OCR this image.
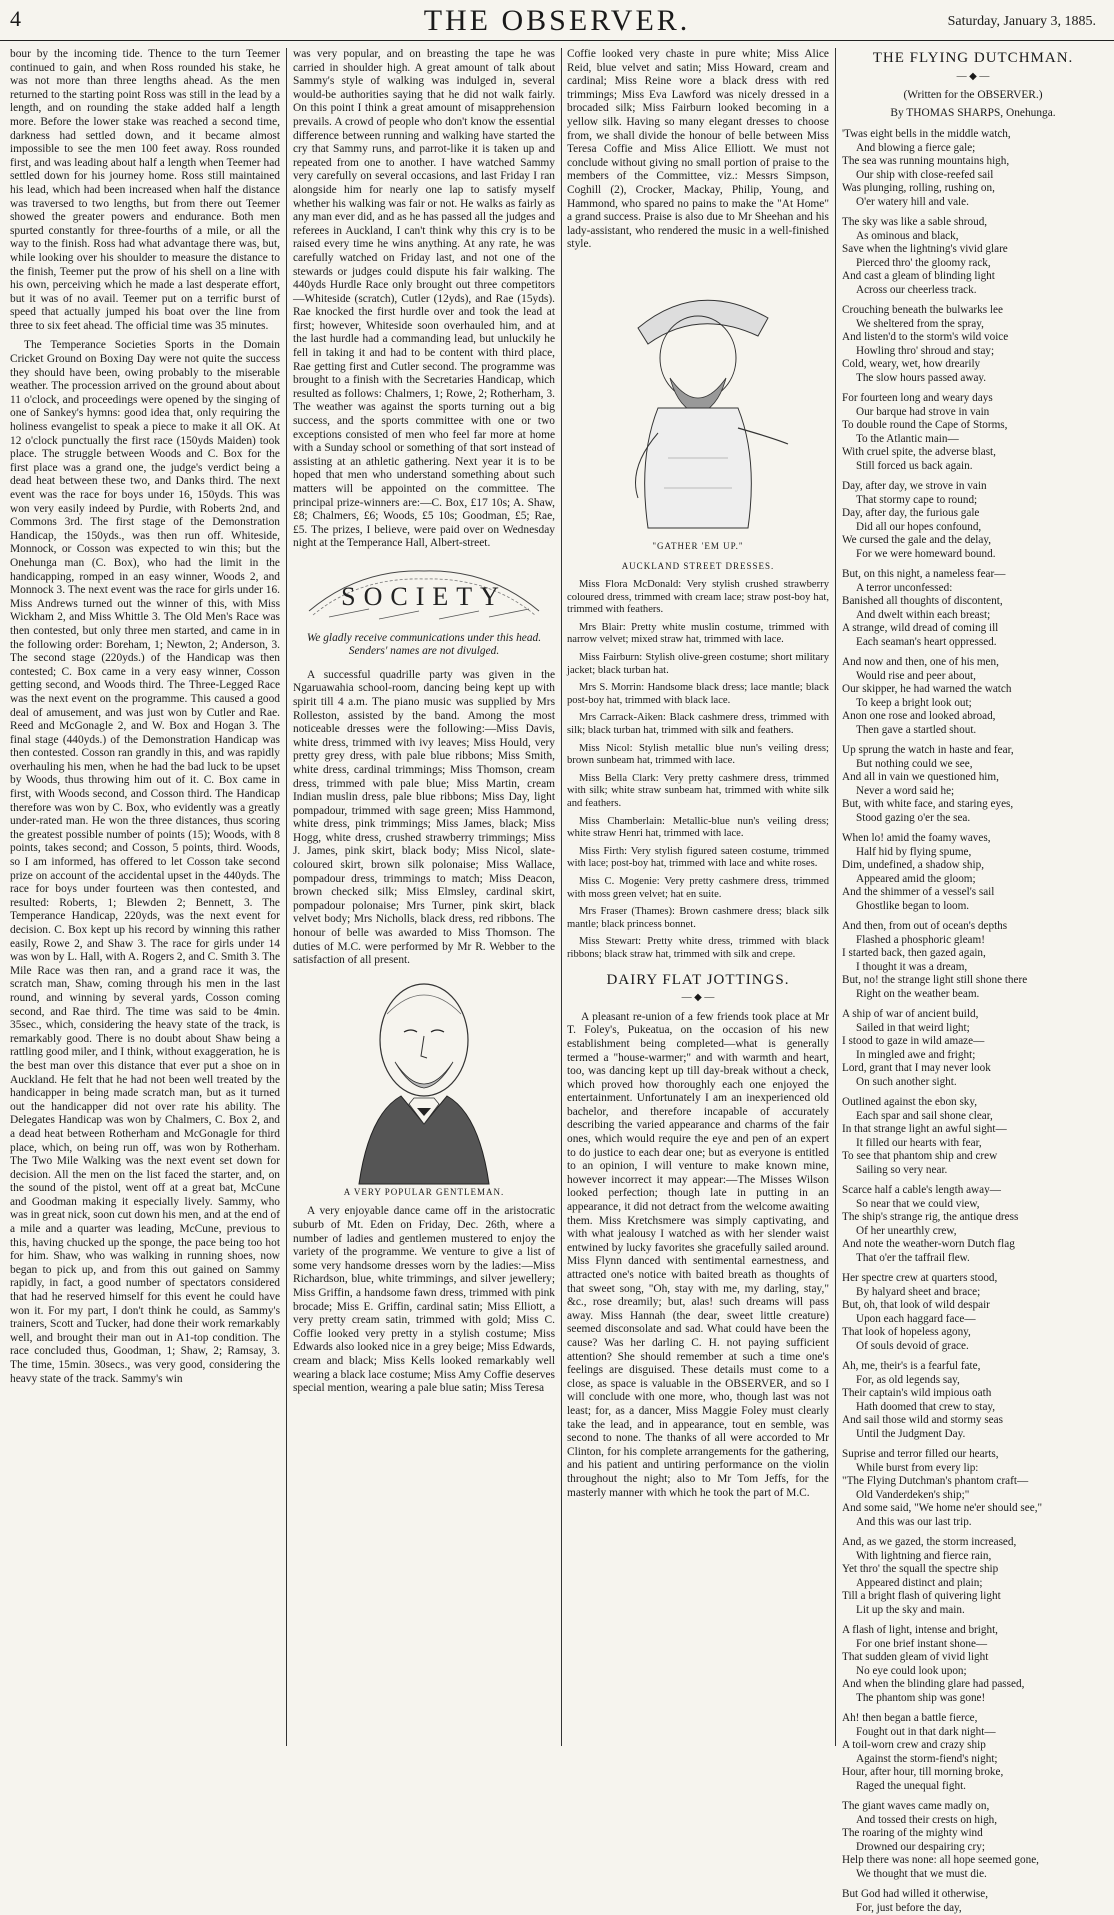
4	THE OBSERVER.	Saturday, January 3, 1885.

bour by the incoming tide. Thence to the turn Teemer continued to gain, and when Ross rounded his stake, he was not more than three lengths ahead. As the men returned to the starting point Ross was still in the lead by a length, and on rounding the stake added half a length more. Before the lower stake was reached a second time, darkness had settled down, and it became almost impossible to see the men 100 feet away. Ross rounded first, and was leading about half a length when Teemer had settled down for his journey home. Ross still maintained his lead, which had been increased when half the distance was traversed to two lengths, but from there out Teemer showed the greater powers and endurance. Both men spurted constantly for three-fourths of a mile, or all the way to the finish. Ross had what advantage there was, but, while looking over his shoulder to measure the distance to the finish, Teemer put the prow of his shell on a line with his own, perceiving which he made a last desperate effort, but it was of no avail. Teemer put on a terrific burst of speed that actually jumped his boat over the line from three to six feet ahead. The official time was 35 minutes.

The Temperance Societies Sports in the Domain Cricket Ground on Boxing Day were not quite the success they should have been, owing probably to the miserable weather. The procession arrived on the ground about about 11 o'clock, and proceedings were opened by the singing of one of Sankey's hymns: good idea that, only requiring the holiness evangelist to speak a piece to make it all OK. At 12 o'clock punctually the first race (150yds Maiden) took place. The struggle between Woods and C. Box for the first place was a grand one, the judge's verdict being a dead heat between these two, and Danks third. The next event was the race for boys under 16, 150yds. This was won very easily indeed by Purdie, with Roberts 2nd, and Commons 3rd. The first stage of the Demonstration Handicap, the 150yds., was then run off. Whiteside, Monnock, or Cosson was expected to win this; but the Onehunga man (C. Box), who had the limit in the handicapping, romped in an easy winner, Woods 2, and Monnock 3. The next event was the race for girls under 16. Miss Andrews turned out the winner of this, with Miss Wickham 2, and Miss Whittle 3. The Old Men's Race was then contested, but only three men started, and came in in the following order: Boreham, 1; Newton, 2; Anderson, 3. The second stage (220yds.) of the Handicap was then contested; C. Box came in a very easy winner, Cosson getting second, and Woods third. The Three-Legged Race was the next event on the programme. This caused a good deal of amusement, and was just won by Cutler and Rae. Reed and McGonagle 2, and W. Box and Hogan 3. The final stage (440yds.) of the Demonstration Handicap was then contested. Cosson ran grandly in this, and was rapidly overhauling his men, when he had the bad luck to be upset by Woods, thus throwing him out of it. C. Box came in first, with Woods second, and Cosson third. The Handicap therefore was won by C. Box, who evidently was a greatly under-rated man. He won the three distances, thus scoring the greatest possible number of points (15); Woods, with 8 points, takes second; and Cosson, 5 points, third. Woods, so I am informed, has offered to let Cosson take second prize on account of the accidental upset in the 440yds. The race for boys under fourteen was then contested, and resulted: Roberts, 1; Blewden 2; Bennett, 3. The Temperance Handicap, 220yds, was the next event for decision. C. Box kept up his record by winning this rather easily, Rowe 2, and Shaw 3. The race for girls under 14 was won by L. Hall, with A. Rogers 2, and C. Smith 3. The Mile Race was then ran, and a grand race it was, the scratch man, Shaw, coming through his men in the last round, and winning by several yards, Cosson coming second, and Rae third. The time was said to be 4min. 35sec., which, considering the heavy state of the track, is remarkably good. There is no doubt about Shaw being a rattling good miler, and I think, without exaggeration, he is the best man over this distance that ever put a shoe on in Auckland. He felt that he had not been well treated by the handicapper in being made scratch man, but as it turned out the handicapper did not over rate his ability. The Delegates Handicap was won by Chalmers, C. Box 2, and a dead heat between Rotherham and McGonagle for third place, which, on being run off, was won by Rotherham. The Two Mile Walking was the next event set down for decision. All the men on the list faced the starter, and, on the sound of the pistol, went off at a great bat, McCune and Goodman making it especially lively. Sammy, who was in great nick, soon cut down his men, and at the end of a mile and a quarter was leading, McCune, previous to this, having chucked up the sponge, the pace being too hot for him. Shaw, who was walking in running shoes, now began to pick up, and from this out gained on Sammy rapidly, in fact, a good number of spectators considered that had he reserved himself for this event he could have won it. For my part, I don't think he could, as Sammy's trainers, Scott and Tucker, had done their work remarkably well, and brought their man out in A1-top condition. The race concluded thus, Goodman, 1; Shaw, 2; Ramsay, 3. The time, 15min. 30secs., was very good, considering the heavy state of the track. Sammy's win

was very popular, and on breasting the tape he was carried in shoulder high. A great amount of talk about Sammy's style of walking was indulged in, several would-be authorities saying that he did not walk fairly. On this point I think a great amount of misapprehension prevails. A crowd of people who don't know the essential difference between running and walking have started the cry that Sammy runs, and parrot-like it is taken up and repeated from one to another. I have watched Sammy very carefully on several occasions, and last Friday I ran alongside him for nearly one lap to satisfy myself whether his walking was fair or not. He walks as fairly as any man ever did, and as he has passed all the judges and referees in Auckland, I can't think why this cry is to be raised every time he wins anything. At any rate, he was carefully watched on Friday last, and not one of the stewards or judges could dispute his fair walking. The 440yds Hurdle Race only brought out three competitors—Whiteside (scratch), Cutler (12yds), and Rae (15yds). Rae knocked the first hurdle over and took the lead at first; however, Whiteside soon overhauled him, and at the last hurdle had a commanding lead, but unluckily he fell in taking it and had to be content with third place, Rae getting first and Cutler second. The programme was brought to a finish with the Secretaries Handicap, which resulted as follows: Chalmers, 1; Rowe, 2; Rotherham, 3. The weather was against the sports turning out a big success, and the sports committee with one or two exceptions consisted of men who feel far more at home with a Sunday school or something of that sort instead of assisting at an athletic gathering. Next year it is to be hoped that men who understand something about such matters will be appointed on the committee. The principal prize-winners are:—C. Box, £17 10s; A. Shaw, £8; Chalmers, £6; Woods, £5 10s; Goodman, £5; Rae, £5. The prizes, I believe, were paid over on Wednesday night at the Temperance Hall, Albert-street.

SOCIETY
We gladly receive communications under this head. Senders' names are not divulged.

A successful quadrille party was given in the Ngaruawahia school-room, dancing being kept up with spirit till 4 a.m. The piano music was supplied by Mrs Rolleston, assisted by the band. Among the most noticeable dresses were the following:—Miss Davis, white dress, trimmed with ivy leaves; Miss Hould, very pretty grey dress, with pale blue ribbons; Miss Smith, white dress, cardinal trimmings; Miss Thomson, cream dress, trimmed with pale blue; Miss Martin, cream Indian muslin dress, pale blue ribbons; Miss Day, light pompadour, trimmed with sage green; Miss Hammond, white dress, pink trimmings; Miss James, black; Miss Hogg, white dress, crushed strawberry trimmings; Miss J. James, pink skirt, black body; Miss Nicol, slate-coloured skirt, brown silk polonaise; Miss Wallace, pompadour dress, trimmings to match; Miss Deacon, brown checked silk; Miss Elmsley, cardinal skirt, pompadour polonaise; Mrs Turner, pink skirt, black velvet body; Mrs Nicholls, black dress, red ribbons. The honour of belle was awarded to Miss Thomson. The duties of M.C. were performed by Mr R. Webber to the satisfaction of all present.

A VERY POPULAR GENTLEMAN.

A very enjoyable dance came off in the aristocratic suburb of Mt. Eden on Friday, Dec. 26th, where a number of ladies and gentlemen mustered to enjoy the variety of the programme. We venture to give a list of some very handsome dresses worn by the ladies:—Miss Richardson, blue, white trimmings, and silver jewellery; Miss Griffin, a handsome fawn dress, trimmed with pink brocade; Miss E. Griffin, cardinal satin; Miss Elliott, a very pretty cream satin, trimmed with gold; Miss C. Coffie looked very pretty in a stylish costume; Miss Edwards also looked nice in a grey beige; Miss Edwards, cream and black; Miss Kells looked remarkably well wearing a black lace costume; Miss Amy Coffie deserves special mention, wearing a pale blue satin; Miss Teresa

Coffie looked very chaste in pure white; Miss Alice Reid, blue velvet and satin; Miss Howard, cream and cardinal; Miss Reine wore a black dress with red trimmings; Miss Eva Lawford was nicely dressed in a brocaded silk; Miss Fairburn looked becoming in a yellow silk. Having so many elegant dresses to choose from, we shall divide the honour of belle between Miss Teresa Coffie and Miss Alice Elliott. We must not conclude without giving no small portion of praise to the members of the Committee, viz.: Messrs Simpson, Coghill (2), Crocker, Mackay, Philip, Young, and Hammond, who spared no pains to make the "At Home" a grand success. Praise is also due to Mr Sheehan and his lady-assistant, who rendered the music in a well-finished style.

"GATHER 'EM UP."
AUCKLAND STREET DRESSES.
Miss Flora McDonald: Very stylish crushed strawberry coloured dress, trimmed with cream lace; straw post-boy hat, trimmed with feathers.
Mrs Blair: Pretty white muslin costume, trimmed with narrow velvet; mixed straw hat, trimmed with lace.
Miss Fairburn: Stylish olive-green costume; short military jacket; black turban hat.
Mrs S. Morrin: Handsome black dress; lace mantle; black post-boy hat, trimmed with black lace.
Mrs Carrack-Aiken: Black cashmere dress, trimmed with silk; black turban hat, trimmed with silk and feathers.
Miss Nicol: Stylish metallic blue nun's veiling dress; brown sunbeam hat, trimmed with lace.
Miss Bella Clark: Very pretty cashmere dress, trimmed with silk; white straw sunbeam hat, trimmed with white silk and feathers.
Miss Chamberlain: Metallic-blue nun's veiling dress; white straw Henri hat, trimmed with lace.
Miss Firth: Very stylish figured sateen costume, trimmed with lace; post-boy hat, trimmed with lace and white roses.
Miss C. Mogenie: Very pretty cashmere dress, trimmed with moss green velvet; hat en suite.
Mrs Fraser (Thames): Brown cashmere dress; black silk mantle; black princess bonnet.
Miss Stewart: Pretty white dress, trimmed with black ribbons; black straw hat, trimmed with silk and crepe.
DAIRY FLAT JOTTINGS.
— ◆ —

A pleasant re-union of a few friends took place at Mr T. Foley's, Pukeatua, on the occasion of his new establishment being completed—what is generally termed a "house-warmer;" and with warmth and heart, too, was dancing kept up till day-break without a check, which proved how thoroughly each one enjoyed the entertainment. Unfortunately I am an inexperienced old bachelor, and therefore incapable of accurately describing the varied appearance and charms of the fair ones, which would require the eye and pen of an expert to do justice to each dear one; but as everyone is entitled to an opinion, I will venture to make known mine, however incorrect it may appear:—The Misses Wilson looked perfection; though late in putting in an appearance, it did not detract from the welcome awaiting them. Miss Kretchsmere was simply captivating, and with what jealousy I watched as with her slender waist entwined by lucky favorites she gracefully sailed around. Miss Flynn danced with sentimental earnestness, and attracted one's notice with baited breath as thoughts of that sweet song, "Oh, stay with me, my darling, stay," &c., rose dreamily; but, alas! such dreams will pass away. Miss Hannah (the dear, sweet little creature) seemed disconsolate and sad. What could have been the cause? Was her darling C. H. not paying sufficient attention? She should remember at such a time one's feelings are disguised. These details must come to a close, as space is valuable in the OBSERVER, and so I will conclude with one more, who, though last was not least; for, as a dancer, Miss Maggie Foley must clearly take the lead, and in appearance, tout en semble, was second to none. The thanks of all were accorded to Mr Clinton, for his complete arrangements for the gathering, and his patient and untiring performance on the violin throughout the night; also to Mr Tom Jeffs, for the masterly manner with which he took the part of M.C.

THE FLYING DUTCHMAN.
— ◆ —
(Written for the OBSERVER.)
By THOMAS SHARPS, Onehunga.
'Twas eight bells in the middle watch,
And blowing a fierce gale;
The sea was running mountains high,
Our ship with close-reefed sail
Was plunging, rolling, rushing on,
O'er watery hill and vale.
The sky was like a sable shroud,
As ominous and black,
Save when the lightning's vivid glare
Pierced thro' the gloomy rack,
And cast a gleam of blinding light
Across our cheerless track.
Crouching beneath the bulwarks lee
We sheltered from the spray,
And listen'd to the storm's wild voice
Howling thro' shroud and stay;
Cold, weary, wet, how drearily
The slow hours passed away.
For fourteen long and weary days
Our barque had strove in vain
To double round the Cape of Storms,
To the Atlantic main—
With cruel spite, the adverse blast,
Still forced us back again.
Day, after day, we strove in vain
That stormy cape to round;
Day, after day, the furious gale
Did all our hopes confound,
We cursed the gale and the delay,
For we were homeward bound.
But, on this night, a nameless fear—
A terror unconfessed:
Banished all thoughts of discontent,
And dwelt within each breast;
A strange, wild dread of coming ill
Each seaman's heart oppressed.
And now and then, one of his men,
Would rise and peer about,
Our skipper, he had warned the watch
To keep a bright look out;
Anon one rose and looked abroad,
Then gave a startled shout.
Up sprung the watch in haste and fear,
But nothing could we see,
And all in vain we questioned him,
Never a word said he;
But, with white face, and staring eyes,
Stood gazing o'er the sea.
When lo! amid the foamy waves,
Half hid by flying spume,
Dim, undefined, a shadow ship,
Appeared amid the gloom;
And the shimmer of a vessel's sail
Ghostlike began to loom.
And then, from out of ocean's depths
Flashed a phosphoric gleam!
I started back, then gazed again,
I thought it was a dream,
But, no! the strange light still shone there
Right on the weather beam.
A ship of war of ancient build,
Sailed in that weird light;
I stood to gaze in wild amaze—
In mingled awe and fright;
Lord, grant that I may never look
On such another sight.
Outlined against the ebon sky,
Each spar and sail shone clear,
In that strange light an awful sight—
It filled our hearts with fear,
To see that phantom ship and crew
Sailing so very near.
Scarce half a cable's length away—
So near that we could view,
The ship's strange rig, the antique dress
Of her unearthly crew,
And note the weather-worn Dutch flag
That o'er the taffrail flew.
Her spectre crew at quarters stood,
By halyard sheet and brace;
But, oh, that look of wild despair
Upon each haggard face—
That look of hopeless agony,
Of souls devoid of grace.
Ah, me, their's is a fearful fate,
For, as old legends say,
Their captain's wild impious oath
Hath doomed that crew to stay,
And sail those wild and stormy seas
Until the Judgment Day.
Suprise and terror filled our hearts,
While burst from every lip:
"The Flying Dutchman's phantom craft—
Old Vanderdeken's ship;"
And some said, "We home ne'er should see,"
And this was our last trip.
And, as we gazed, the storm increased,
With lightning and fierce rain,
Yet thro' the squall the spectre ship
Appeared distinct and plain;
Till a bright flash of quivering light
Lit up the sky and main.
A flash of light, intense and bright,
For one brief instant shone—
That sudden gleam of vivid light
No eye could look upon;
And when the blinding glare had passed,
The phantom ship was gone!
Ah! then began a battle fierce,
Fought out in that dark night—
A toil-worn crew and crazy ship
Against the storm-fiend's night;
Hour, after hour, till morning broke,
Raged the unequal fight.
The giant waves came madly on,
And tossed their crests on high,
The roaring of the mighty wind
Drowned our despairing cry;
Help there was none: all hope seemed gone,
We thought that we must die.
But God had willed it otherwise,
For, just before the day,
